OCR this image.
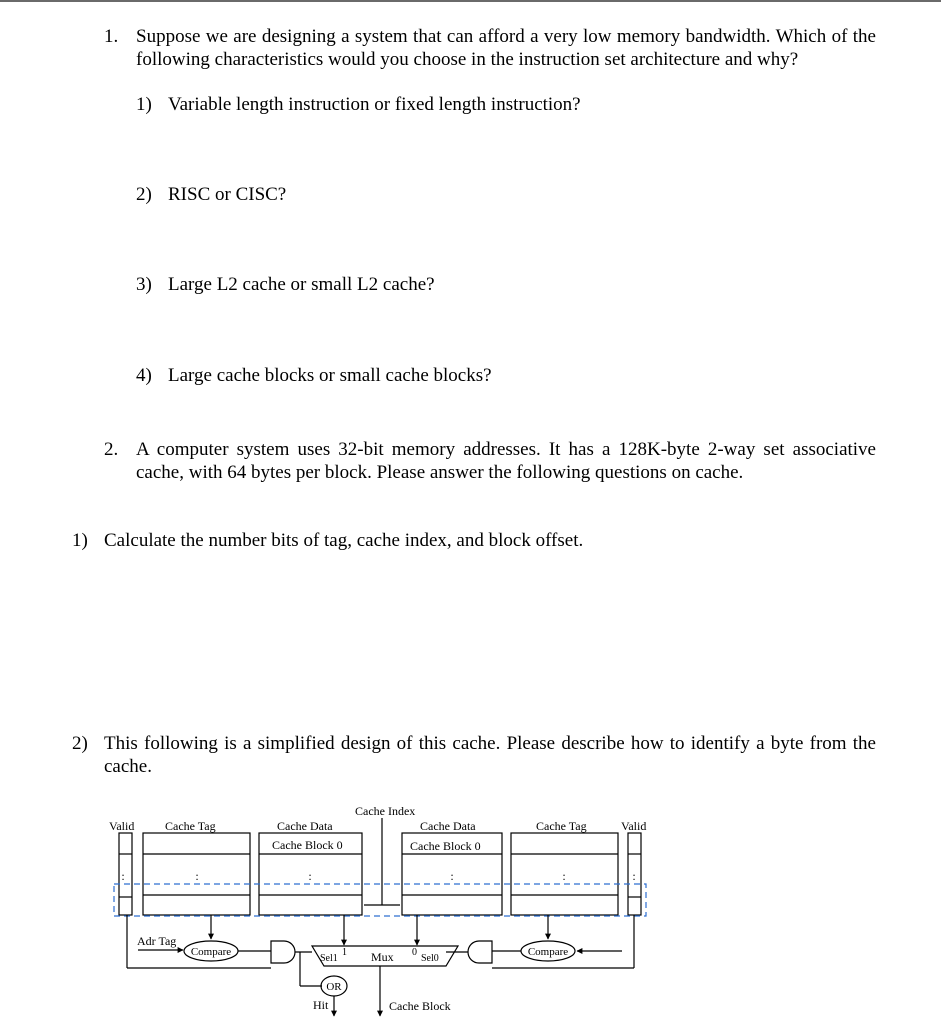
1. Suppose we are designing a system that can afford a very low memory bandwidth. Which of the following characteristics would you choose in the instruction set architecture and why?

1) Variable length instruction or fixed length instruction?
2) RISC or CISC?
3) Large L2 cache or small L2 cache?
4) Large cache blocks or small cache blocks?
2. A computer system uses 32-bit memory addresses. It has a 128K-byte 2-way set associative cache, with 64 bytes per block. Please answer the following questions on cache.

1) Calculate the number bits of tag, cache index, and block offset.
2) This following is a simplified design of this cache. Please describe how to identify a byte from the cache.

Cache Index
Valid	Cache Tag	Cache Data
Cache Block 0
Cache Data
Cache Block 0
Cache Tag	Valid
:	:	:	:	:	:
Adr Tag
Compare	Compare
Sel1
1 Mux 0
Sel0
OR
Hit	Cache Block
